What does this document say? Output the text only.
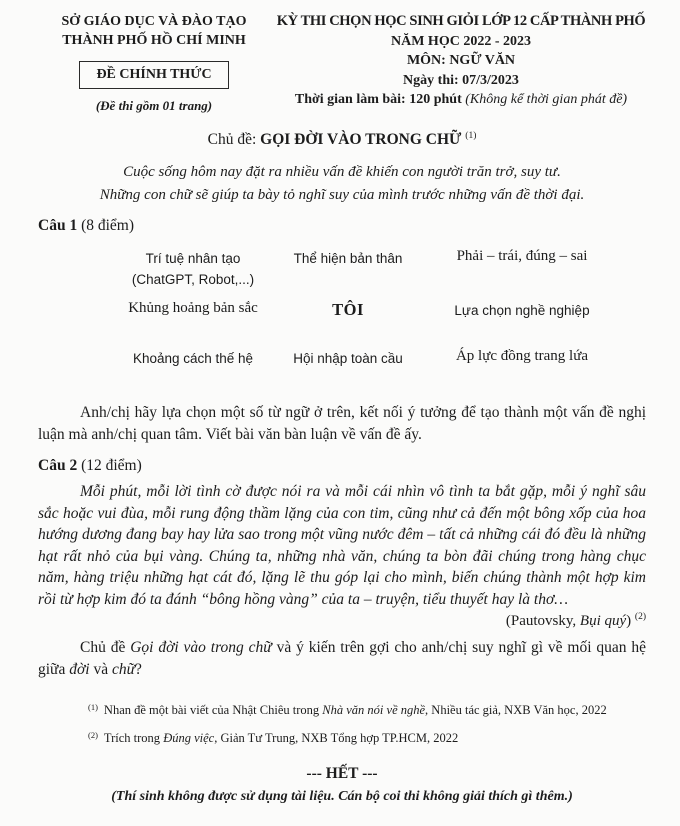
SỞ GIÁO DỤC VÀ ĐÀO TẠO
THÀNH PHỐ HỒ CHÍ MINH
ĐỀ CHÍNH THỨC
(Đề thi gồm 01 trang)
KỲ THI CHỌN HỌC SINH GIỎI LỚP 12 CẤP THÀNH PHỐ
NĂM HỌC 2022 - 2023
MÔN: NGỮ VĂN
Ngày thi: 07/3/2023
Thời gian làm bài: 120 phút (Không kể thời gian phát đề)
Chủ đề: GỌI ĐỜI VÀO TRONG CHỮ $^{(1)}$
Cuộc sống hôm nay đặt ra nhiều vấn đề khiến con người trăn trở, suy tư.
Những con chữ sẽ giúp ta bày tỏ nghĩ suy của mình trước những vấn đề thời đại.
Câu 1 (8 điểm)
Trí tuệ nhân tạo
(ChatGPT, Robot,...)
Thể hiện bản thân	Phải – trái, đúng – sai
Khủng hoảng bản sắc	TÔI	Lựa chọn nghề nghiệp
Khoảng cách thế hệ	Hội nhập toàn cầu	Áp lực đồng trang lứa
Anh/chị hãy lựa chọn một số từ ngữ ở trên, kết nối ý tưởng để tạo thành một vấn đề nghị luận mà anh/chị quan tâm. Viết bài văn bàn luận về vấn đề ấy.
Câu 2 (12 điểm)
Mỗi phút, mỗi lời tình cờ được nói ra và mỗi cái nhìn vô tình ta bắt gặp, mỗi ý nghĩ sâu sắc hoặc vui đùa, mỗi rung động thầm lặng của con tim, cũng như cả đến một bông xốp của hoa hướng dương đang bay hay lửa sao trong một vũng nước đêm – tất cả những cái đó đều là những hạt rất nhỏ của bụi vàng. Chúng ta, những nhà văn, chúng ta bòn đãi chúng trong hàng chục năm, hàng triệu những hạt cát đó, lặng lẽ thu góp lại cho mình, biến chúng thành một hợp kim rồi từ hợp kim đó ta đánh “bông hồng vàng” của ta – truyện, tiểu thuyết hay là thơ…
(Pautovsky, Bụi quý) $^{(2)}$
Chủ đề Gọi đời vào trong chữ và ý kiến trên gợi cho anh/chị suy nghĩ gì về mối quan hệ giữa đời và chữ?
$^{(1)}$ Nhan đề một bài viết của Nhật Chiêu trong Nhà văn nói về nghề, Nhiều tác giả, NXB Văn học, 2022
$^{(2)}$ Trích trong Đúng việc, Giản Tư Trung, NXB Tổng hợp TP.HCM, 2022
--- HẾT ---
(Thí sinh không được sử dụng tài liệu. Cán bộ coi thi không giải thích gì thêm.)
